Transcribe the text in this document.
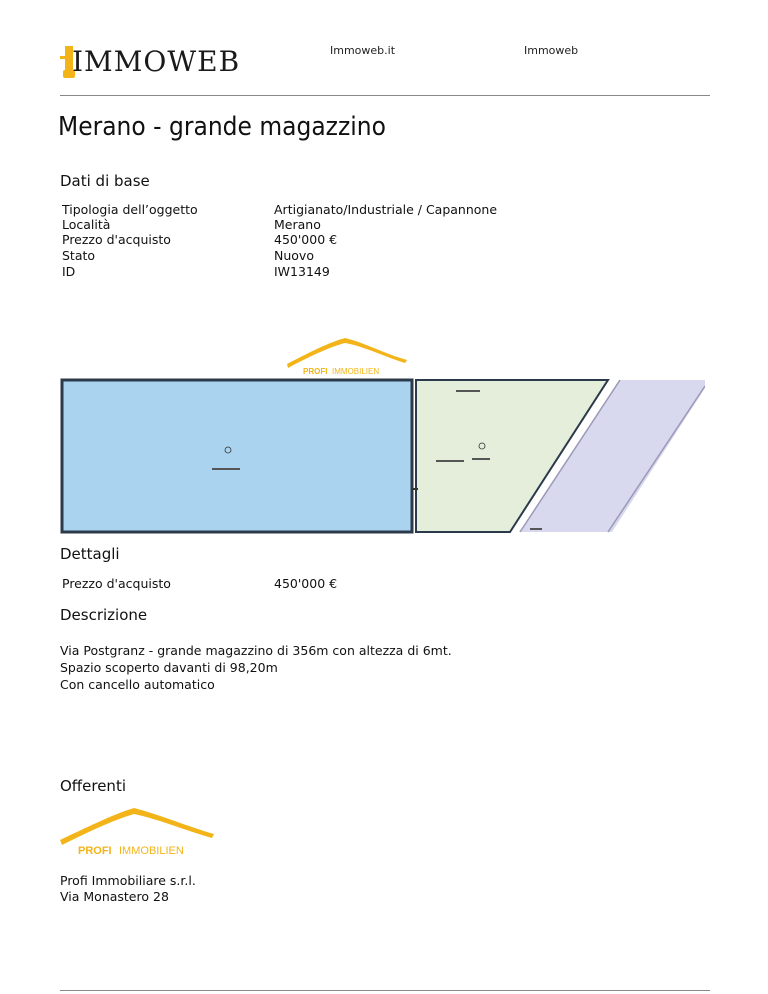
IMMOWEB	Immoweb.it	Immoweb
Merano - grande magazzino
Dati di base
Tipologia dell’oggetto	Artigianato/Industriale / Capannone
Località	Merano
Prezzo d'acquisto	450'000 €
Stato	Nuovo
ID	IW13149
PROFI IMMOBILIEN
Dettagli
Prezzo d'acquisto	450'000 €
Descrizione
Via Postgranz - grande magazzino di 356m con altezza di 6mt.
Spazio scoperto davanti di 98,20m
Con cancello automatico
Offerenti
PROFI IMMOBILIEN
Profi Immobiliare s.r.l.
Via Monastero 28
